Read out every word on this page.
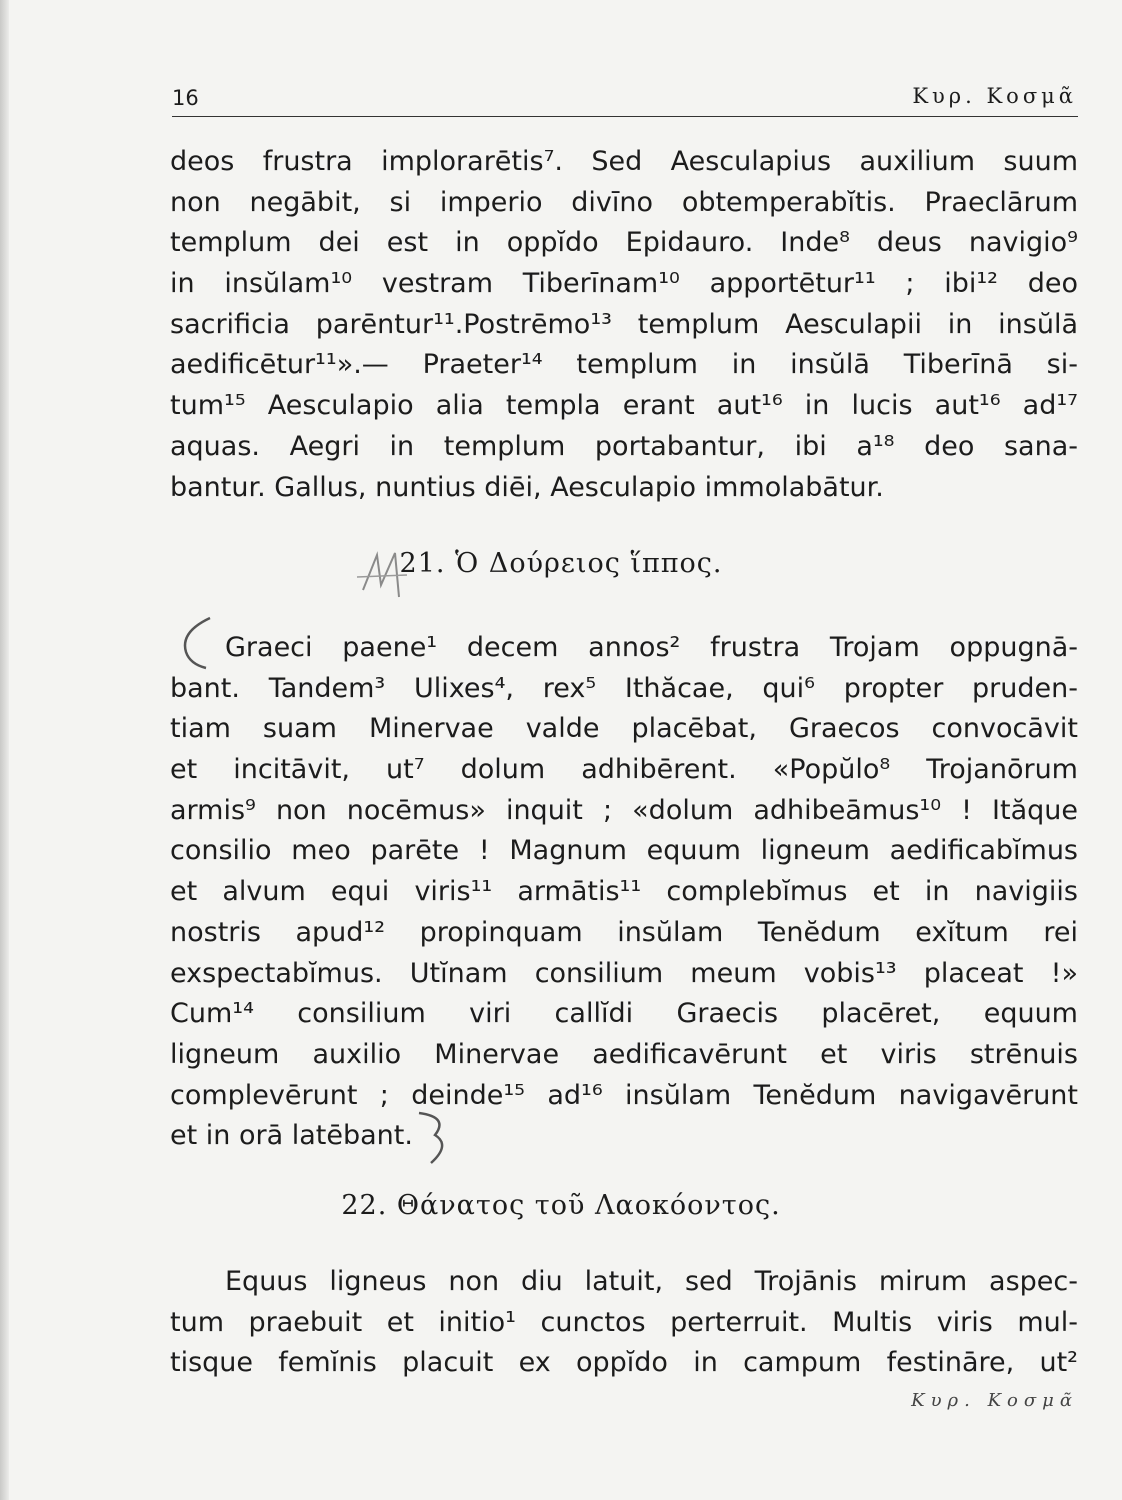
16	Κυρ. Κοσμᾶ
deos frustra implorarētis⁷. Sed Aesculapius auxilium suum
non negābit, si imperio divīno obtemperabĭtis. Praeclārum
templum dei est in oppĭdo Epidauro. Inde⁸ deus navigio⁹
in insŭlam¹⁰ vestram Tiberīnam¹⁰ apportētur¹¹ ; ibi¹² deo
sacrificia parēntur¹¹.Postrēmo¹³ templum Aesculapii in insŭlā
aedificētur¹¹».— Praeter¹⁴ templum in insŭlā Tiberīnā si-
tum¹⁵ Aesculapio alia templa erant aut¹⁶ in lucis aut¹⁶ ad¹⁷
aquas. Aegri in templum portabantur, ibi a¹⁸ deo sana-
bantur. Gallus, nuntius diēi, Aesculapio immolabātur.
21. Ὁ Δούρειος ἵππος.
Graeci paene¹ decem annos² frustra Trojam oppugnā-
bant. Tandem³ Ulixes⁴, rex⁵ Ithăcae, qui⁶ propter pruden-
tiam suam Minervae valde placēbat, Graecos convocāvit
et incitāvit, ut⁷ dolum adhibērent. «Popŭlo⁸ Trojanōrum
armis⁹ non nocēmus» inquit ; «dolum adhibeāmus¹⁰ ! Ităque
consilio meo parēte ! Magnum equum ligneum aedificabĭmus
et alvum equi viris¹¹ armātis¹¹ complebĭmus et in navigiis
nostris apud¹² propinquam insŭlam Tenĕdum exĭtum rei
exspectabĭmus. Utĭnam consilium meum vobis¹³ placeat !»
Cum¹⁴ consilium viri callĭdi Graecis placēret, equum
ligneum auxilio Minervae aedificavērunt et viris strēnuis
complevērunt ; deinde¹⁵ ad¹⁶ insŭlam Tenĕdum navigavērunt
et in orā latēbant.
22. Θάνατος τοῦ Λαοκόοντος.
Equus ligneus non diu latuit, sed Trojānis mirum aspec-
tum praebuit et initio¹ cunctos perterruit. Multis viris mul-
tisque femĭnis placuit ex oppĭdo in campum festināre, ut²
Κυρ. Κοσμᾶ
